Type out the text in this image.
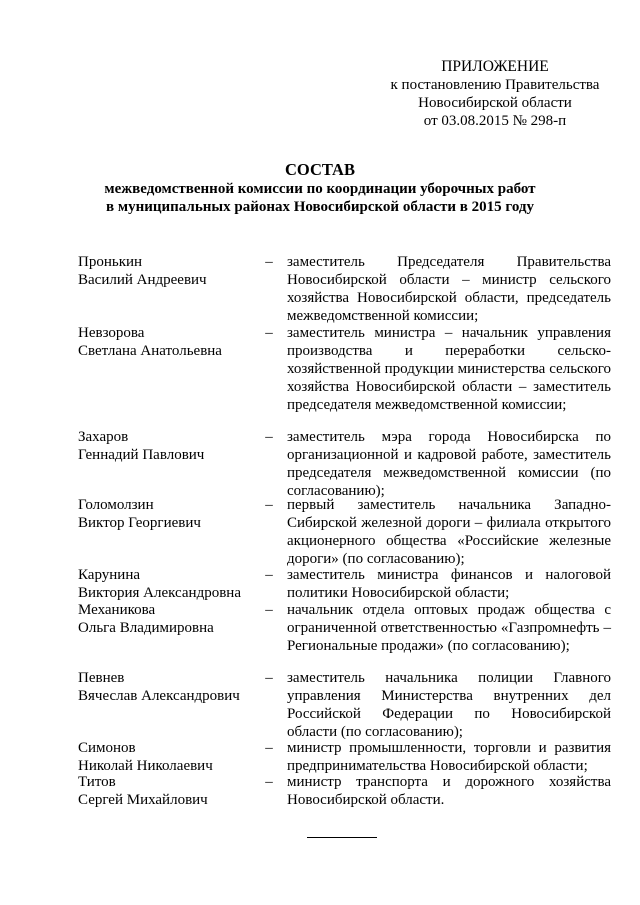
ПРИЛОЖЕНИЕ
к постановлению Правительства
Новосибирской области
от 03.08.2015 № 298-п
СОСТАВ
межведомственной комиссии по координации уборочных работ
в муниципальных районах Новосибирской области в 2015 году
Пронькин
Василий Андреевич
– заместитель Председателя Правительства Новосибирской области – министр сельского хозяйства Новосибирской области, председатель межведомственной комиссии;
Невзорова
Светлана Анатольевна
– заместитель министра – начальник управления производства и переработки сельско-хозяйственной продукции министерства сельского хозяйства Новосибирской области – заместитель председателя межведомственной комиссии;
Захаров
Геннадий Павлович
– заместитель мэра города Новосибирска по организационной и кадровой работе, заместитель председателя межведомственной комиссии (по согласованию);
Голомолзин
Виктор Георгиевич
– первый заместитель начальника Западно-Сибирской железной дороги – филиала открытого акционерного общества «Российские железные дороги» (по согласованию);
Карунина
Виктория Александровна
– заместитель министра финансов и налоговой политики Новосибирской области;
Механикова
Ольга Владимировна
– начальник отдела оптовых продаж общества с ограниченной ответственностью «Газпромнефть – Региональные продажи» (по согласованию);
Певнев
Вячеслав Александрович
– заместитель начальника полиции Главного управления Министерства внутренних дел Российской Федерации по Новосибирской области (по согласованию);
Симонов
Николай Николаевич
– министр промышленности, торговли и развития предпринимательства Новосибирской области;
Титов
Сергей Михайлович
– министр транспорта и дорожного хозяйства Новосибирской области.
